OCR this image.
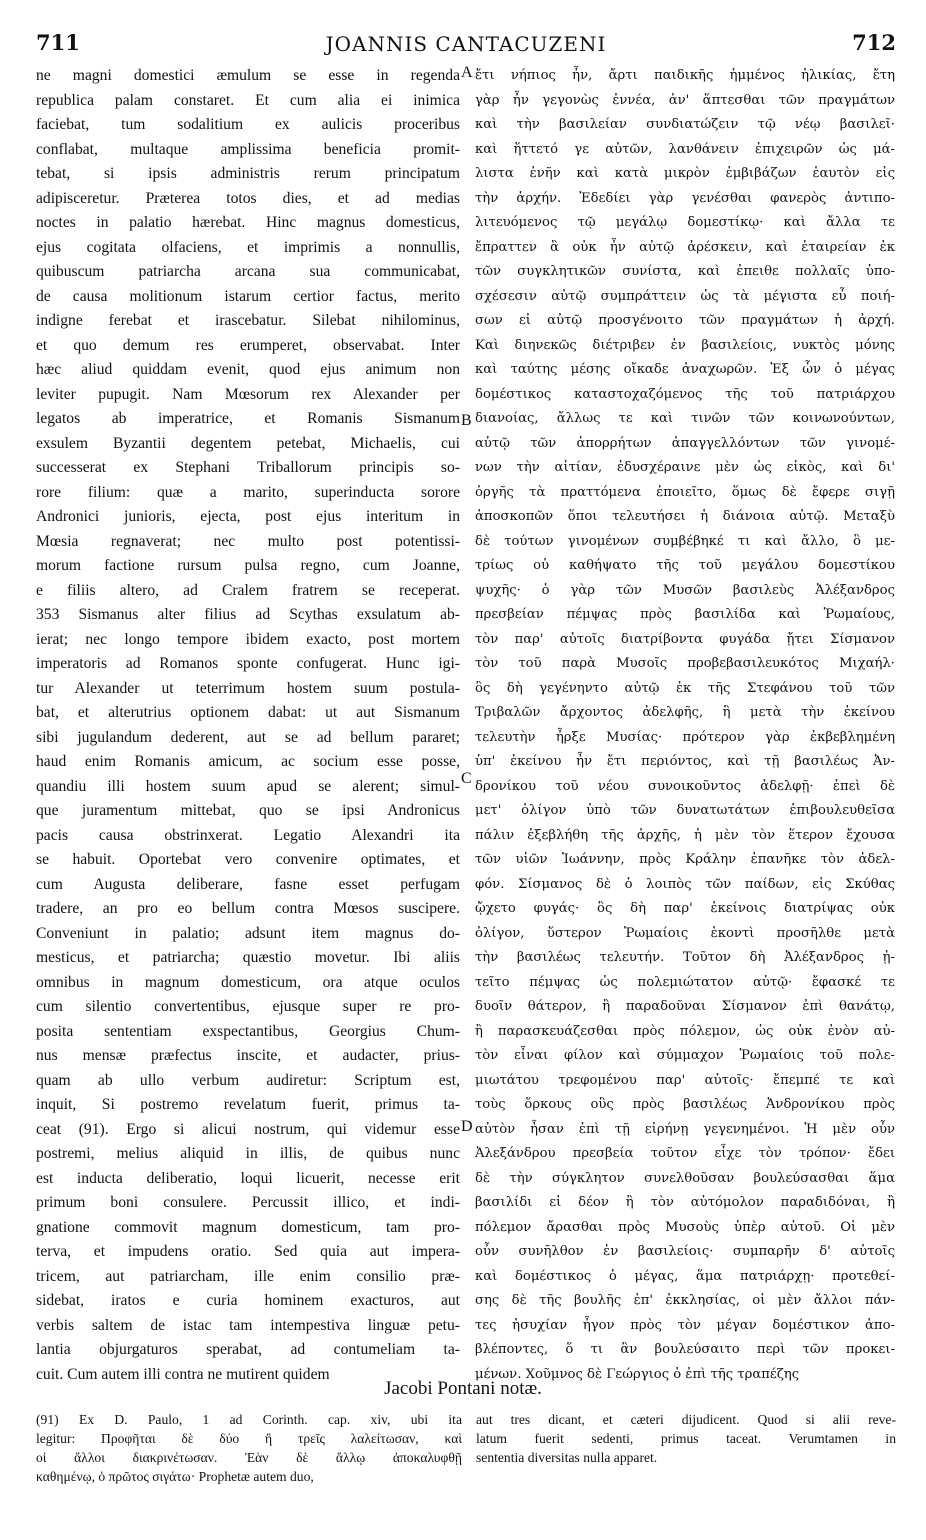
711	JOANNIS CANTACUZENI	712
ne magni domestici æmulum se esse in regenda
republica palam constaret. Et cum alia ei inimica
faciebat, tum sodalitium ex aulicis proceribus
conflabat, multaque amplissima beneficia promit-
tebat, si ipsis administris rerum principatum
adipisceretur. Præterea totos dies, et ad medias
noctes in palatio hærebat. Hinc magnus domesticus,
ejus cogitata olfaciens, et imprimis a nonnullis,
quibuscum patriarcha arcana sua communicabat,
de causa molitionum istarum certior factus, merito
indigne ferebat et irascebatur. Silebat nihilominus,
et quo demum res erumperet, observabat. Inter
hæc aliud quiddam evenit, quod ejus animum non
leviter pupugit. Nam Mœsorum rex Alexander per
legatos ab imperatrice, et Romanis Sismanum
exsulem Byzantii degentem petebat, Michaelis, cui
successerat ex Stephani Triballorum principis so-
rore filium: quæ a marito, superinducta sorore
Andronici junioris, ejecta, post ejus interitum in
Mœsia regnaverat; nec multo post potentissi-
morum factione rursum pulsa regno, cum Joanne,
e filiis altero, ad Cralem fratrem se receperat.
353 Sismanus alter filius ad Scythas exsulatum ab-
ierat; nec longo tempore ibidem exacto, post mortem
imperatoris ad Romanos sponte confugerat. Hunc igi-
tur Alexander ut teterrimum hostem suum postula-
bat, et alterutrius optionem dabat: ut aut Sismanum
sibi jugulandum dederent, aut se ad bellum pararet;
haud enim Romanis amicum, ac socium esse posse,
quandiu illi hostem suum apud se alerent; simul-
que juramentum mittebat, quo se ipsi Andronicus
pacis causa obstrinxerat. Legatio Alexandri ita
se habuit. Oportebat vero convenire optimates, et
cum Augusta deliberare, fasne esset perfugam
tradere, an pro eo bellum contra Mœsos suscipere.
Conveniunt in palatio; adsunt item magnus do-
mesticus, et patriarcha; quæstio movetur. Ibi aliis
omnibus in magnum domesticum, ora atque oculos
cum silentio convertentibus, ejusque super re pro-
posita sententiam exspectantibus, Georgius Chum-
nus mensæ præfectus inscite, et audacter, prius-
quam ab ullo verbum audiretur: Scriptum est,
inquit, Si postremo revelatum fuerit, primus ta-
ceat (91). Ergo si alicui nostrum, qui videmur esse
postremi, melius aliquid in illis, de quibus nunc
est inducta deliberatio, loqui licuerit, necesse erit
primum boni consulere. Percussit illico, et indi-
gnatione commovit magnum domesticum, tam pro-
terva, et impudens oratio. Sed quia aut impera-
tricem, aut patriarcham, ille enim consilio præ-
sidebat, iratos e curia hominem exacturos, aut
verbis saltem de istac tam intempestiva linguæ petu-
lantia objurgaturos sperabat, ad contumeliam ta-
cuit. Cum autem illi contra ne mutirent quidem
ἔτι νήπιος ἦν, ἄρτι παιδικῆς ἡμμένος ἡλικίας, ἔτη
γὰρ ἦν γεγονὼς ἐννέα, ἀν' ἅπτεσθαι τῶν πραγμάτων
καὶ τὴν βασιλείαν συνδιατώζειν τῷ νέῳ βασιλεῖ·
καὶ ἥττετό γε αὐτῶν, λανθάνειν ἐπιχειρῶν ὡς μά-
λιστα ἐνῆν καὶ κατὰ μικρὸν ἐμβιβάζων ἑαυτὸν εἰς
τὴν ἀρχήν. Ἐδεδίει γὰρ γενέσθαι φανερὸς ἀντιπο-
λιτευόμενος τῷ μεγάλῳ δομεστίκῳ· καὶ ἄλλα τε
ἔπραττεν ἃ οὐκ ἦν αὐτῷ ἀρέσκειν, καὶ ἑταιρείαν ἐκ
τῶν συγκλητικῶν συνίστα, καὶ ἐπειθε πολλαῖς ὑπο-
σχέσεσιν αὐτῷ συμπράττειν ὡς τὰ μέγιστα εὖ ποιή-
σων εἰ αὐτῷ προσγένοιτο τῶν πραγμάτων ἡ ἀρχή.
Καὶ διηνεκῶς διέτριβεν ἐν βασιλείοις, νυκτὸς μόνης
καὶ ταύτης μέσης οἴκαδε ἀναχωρῶν. Ἐξ ὧν ὁ μέγας
δομέστικος καταστοχαζόμενος τῆς τοῦ πατριάρχου
διανοίας, ἄλλως τε καὶ τινῶν τῶν κοινωνούντων,
αὐτῷ τῶν ἀπορρήτων ἀπαγγελλόντων τῶν γινομέ-
νων τὴν αἰτίαν, ἐδυσχέραινε μὲν ὡς εἰκὸς, καὶ δι'
ὀργῆς τὰ πραττόμενα ἐποιεῖτο, ὅμως δὲ ἔφερε σιγῇ
ἀποσκοπῶν ὅποι τελευτήσει ἡ διάνοια αὐτῷ. Μεταξὺ
δὲ τούτων γινομένων συμβέβηκέ τι καὶ ἄλλο, ὃ με-
τρίως οὐ καθήψατο τῆς τοῦ μεγάλου δομεστίκου
ψυχῆς· ὁ γὰρ τῶν Μυσῶν βασιλεὺς Ἀλέξανδρος
πρεσβείαν πέμψας πρὸς βασιλίδα καὶ Ῥωμαίους,
τὸν παρ' αὐτοῖς διατρίβοντα φυγάδα ᾔτει Σίσμανον
τὸν τοῦ παρὰ Μυσοῖς προβεβασιλευκότος Μιχαήλ·
ὃς δὴ γεγένηντο αὐτῷ ἐκ τῆς Στεφάνου τοῦ τῶν
Τριβαλῶν ἄρχοντος ἀδελφῆς, ἣ μετὰ τὴν ἐκείνου
τελευτὴν ἦρξε Μυσίας· πρότερον γὰρ ἐκβεβλημένη
ὑπ' ἐκείνου ἦν ἔτι περιόντος, καὶ τῇ βασιλέως Ἀν-
δρονίκου τοῦ νέου συνοικοῦντος ἀδελφῇ· ἐπεὶ δὲ
μετ' ὀλίγον ὑπὸ τῶν δυνατωτάτων ἐπιβουλευθεῖσα
πάλιν ἐξεβλήθη τῆς ἀρχῆς, ἡ μὲν τὸν ἕτερον ἔχουσα
τῶν υἱῶν Ἰωάννην, πρὸς Κράλην ἐπανῆκε τὸν ἀδελ-
φόν. Σίσμανος δὲ ὁ λοιπὸς τῶν παίδων, εἰς Σκύθας
ᾤχετο φυγάς· ὃς δὴ παρ' ἐκείνοις διατρίψας οὐκ
ὀλίγον, ὕστερον Ῥωμαίοις ἑκοντὶ προσῆλθε μετὰ
τὴν βασιλέως τελευτήν. Τοῦτον δὴ Ἀλέξανδρος ᾐ-
τεῖτο πέμψας ὡς πολεμιώτατον αὐτῷ· ἔφασκέ τε
δυοῖν θάτερον, ἢ παραδοῦναι Σίσμανον ἐπὶ θανάτῳ,
ἢ παρασκευάζεσθαι πρὸς πόλεμον, ὡς οὐκ ἐνὸν αὐ-
τὸν εἶναι φίλον καὶ σύμμαχον Ῥωμαίοις τοῦ πολε-
μιωτάτου τρεφομένου παρ' αὐτοῖς· ἔπεμπέ τε καὶ
τοὺς ὅρκους οὓς πρὸς βασιλέως Ἀνδρονίκου πρὸς
αὐτὸν ἦσαν ἐπὶ τῇ εἰρήνῃ γεγενημένοι. Ἡ μὲν οὖν
Ἀλεξάνδρου πρεσβεία τοῦτον εἶχε τὸν τρόπον· ἔδει
δὲ τὴν σύγκλητον συνελθοῦσαν βουλεύσασθαι ἅμα
βασιλίδι εἰ δέον ἢ τὸν αὐτόμολον παραδιδόναι, ἢ
πόλεμον ἄρασθαι πρὸς Μυσοὺς ὑπὲρ αὐτοῦ. Οἱ μὲν
οὖν συνῆλθον ἐν βασιλείοις· συμπαρῆν δ' αὐτοῖς
καὶ δομέστικος ὁ μέγας, ἅμα πατριάρχῃ· προτεθεί-
σης δὲ τῆς βουλῆς ἐπ' ἐκκλησίας, οἱ μὲν ἄλλοι πάν-
τες ἡσυχίαν ἦγον πρὸς τὸν μέγαν δομέστικον ἀπο-
βλέποντες, ὅ τι ἂν βουλεύσαιτο περὶ τῶν προκει-
μένων. Χοῦμνος δὲ Γεώργιος ὁ ἐπὶ τῆς τραπέζης
A
B
C
D
Jacobi Pontani notæ.
(91) Ex D. Paulo, 1 ad Corinth. cap. xiv, ubi ita
legitur: Προφῆται δὲ δύο ἢ τρεῖς λαλείτωσαν, καὶ
οἱ ἄλλοι διακρινέτωσαν. Ἐὰν δὲ ἄλλῳ ἀποκαλυφθῇ
καθημένῳ, ὁ πρῶτος σιγάτω· Prophetæ autem duo,
aut tres dicant, et cæteri dijudicent. Quod si alii reve-
latum fuerit sedenti, primus taceat. Verumtamen in
sententia diversitas nulla apparet.
